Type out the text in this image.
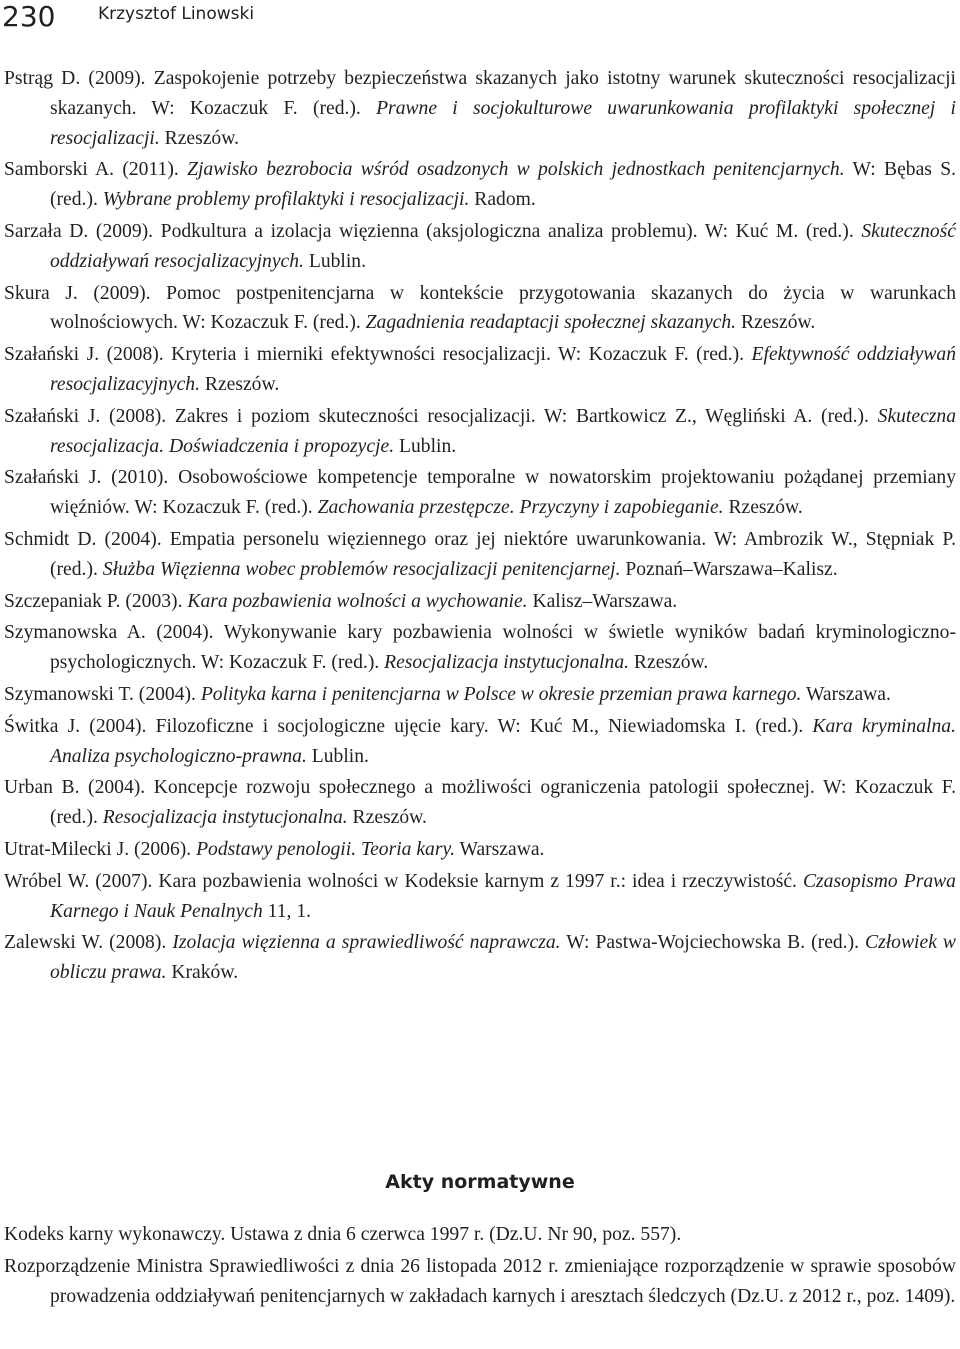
230	Krzysztof Linowski

Pstrąg D. (2009). Zaspokojenie potrzeby bezpieczeństwa skazanych jako istotny warunek skuteczności resocjalizacji skazanych. W: Kozaczuk F. (red.). Prawne i socjokulturowe uwarunkowania profilaktyki społecznej i resocjalizacji. Rzeszów.

Samborski A. (2011). Zjawisko bezrobocia wśród osadzonych w polskich jednostkach penitencjarnych. W: Bębas S. (red.). Wybrane problemy profilaktyki i resocjalizacji. Radom.

Sarzała D. (2009). Podkultura a izolacja więzienna (aksjologiczna analiza problemu). W: Kuć M. (red.). Skuteczność oddziaływań resocjalizacyjnych. Lublin.

Skura J. (2009). Pomoc postpenitencjarna w kontekście przygotowania skazanych do życia w warunkach wolnościowych. W: Kozaczuk F. (red.). Zagadnienia readaptacji społecznej skazanych. Rzeszów.

Szałański J. (2008). Kryteria i mierniki efektywności resocjalizacji. W: Kozaczuk F. (red.). Efektywność oddziaływań resocjalizacyjnych. Rzeszów.

Szałański J. (2008). Zakres i poziom skuteczności resocjalizacji. W: Bartkowicz Z., Węgliński A. (red.). Skuteczna resocjalizacja. Doświadczenia i propozycje. Lublin.

Szałański J. (2010). Osobowościowe kompetencje temporalne w nowatorskim projektowaniu pożądanej przemiany więźniów. W: Kozaczuk F. (red.). Zachowania przestępcze. Przyczyny i zapobieganie. Rzeszów.

Schmidt D. (2004). Empatia personelu więziennego oraz jej niektóre uwarunkowania. W: Ambrozik W., Stępniak P. (red.). Służba Więzienna wobec problemów resocjalizacji penitencjarnej. Poznań–Warszawa–Kalisz.

Szczepaniak P. (2003). Kara pozbawienia wolności a wychowanie. Kalisz–Warszawa.

Szymanowska A. (2004). Wykonywanie kary pozbawienia wolności w świetle wyników badań kryminologiczno-psychologicznych. W: Kozaczuk F. (red.). Resocjalizacja instytucjonalna. Rzeszów.

Szymanowski T. (2004). Polityka karna i penitencjarna w Polsce w okresie przemian prawa karnego. Warszawa.

Świtka J. (2004). Filozoficzne i socjologiczne ujęcie kary. W: Kuć M., Niewiadomska I. (red.). Kara kryminalna. Analiza psychologiczno-prawna. Lublin.

Urban B. (2004). Koncepcje rozwoju społecznego a możliwości ograniczenia patologii społecznej. W: Kozaczuk F. (red.). Resocjalizacja instytucjonalna. Rzeszów.

Utrat-Milecki J. (2006). Podstawy penologii. Teoria kary. Warszawa.

Wróbel W. (2007). Kara pozbawienia wolności w Kodeksie karnym z 1997 r.: idea i rzeczywistość. Czasopismo Prawa Karnego i Nauk Penalnych 11, 1.

Zalewski W. (2008). Izolacja więzienna a sprawiedliwość naprawcza. W: Pastwa-Wojciechowska B. (red.). Człowiek w obliczu prawa. Kraków.

Akty normatywne

Kodeks karny wykonawczy. Ustawa z dnia 6 czerwca 1997 r. (Dz.U. Nr 90, poz. 557).

Rozporządzenie Ministra Sprawiedliwości z dnia 26 listopada 2012 r. zmieniające rozporządzenie w sprawie sposobów prowadzenia oddziaływań penitencjarnych w zakładach karnych i aresztach śledczych (Dz.U. z 2012 r., poz. 1409).
